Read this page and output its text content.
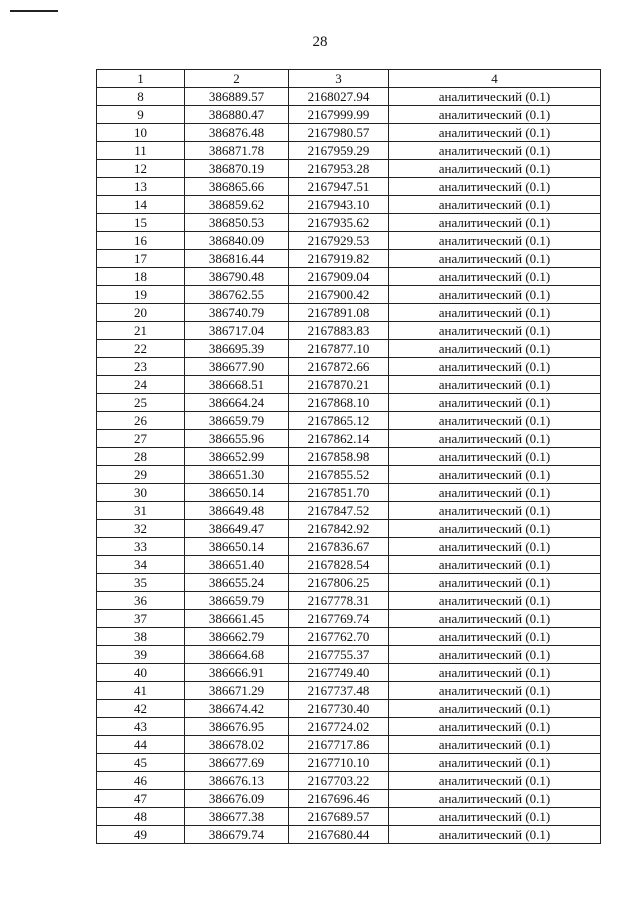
28
1	2	3	4
8	386889.57	2168027.94	аналитический (0.1)
9	386880.47	2167999.99	аналитический (0.1)
10	386876.48	2167980.57	аналитический (0.1)
11	386871.78	2167959.29	аналитический (0.1)
12	386870.19	2167953.28	аналитический (0.1)
13	386865.66	2167947.51	аналитический (0.1)
14	386859.62	2167943.10	аналитический (0.1)
15	386850.53	2167935.62	аналитический (0.1)
16	386840.09	2167929.53	аналитический (0.1)
17	386816.44	2167919.82	аналитический (0.1)
18	386790.48	2167909.04	аналитический (0.1)
19	386762.55	2167900.42	аналитический (0.1)
20	386740.79	2167891.08	аналитический (0.1)
21	386717.04	2167883.83	аналитический (0.1)
22	386695.39	2167877.10	аналитический (0.1)
23	386677.90	2167872.66	аналитический (0.1)
24	386668.51	2167870.21	аналитический (0.1)
25	386664.24	2167868.10	аналитический (0.1)
26	386659.79	2167865.12	аналитический (0.1)
27	386655.96	2167862.14	аналитический (0.1)
28	386652.99	2167858.98	аналитический (0.1)
29	386651.30	2167855.52	аналитический (0.1)
30	386650.14	2167851.70	аналитический (0.1)
31	386649.48	2167847.52	аналитический (0.1)
32	386649.47	2167842.92	аналитический (0.1)
33	386650.14	2167836.67	аналитический (0.1)
34	386651.40	2167828.54	аналитический (0.1)
35	386655.24	2167806.25	аналитический (0.1)
36	386659.79	2167778.31	аналитический (0.1)
37	386661.45	2167769.74	аналитический (0.1)
38	386662.79	2167762.70	аналитический (0.1)
39	386664.68	2167755.37	аналитический (0.1)
40	386666.91	2167749.40	аналитический (0.1)
41	386671.29	2167737.48	аналитический (0.1)
42	386674.42	2167730.40	аналитический (0.1)
43	386676.95	2167724.02	аналитический (0.1)
44	386678.02	2167717.86	аналитический (0.1)
45	386677.69	2167710.10	аналитический (0.1)
46	386676.13	2167703.22	аналитический (0.1)
47	386676.09	2167696.46	аналитический (0.1)
48	386677.38	2167689.57	аналитический (0.1)
49	386679.74	2167680.44	аналитический (0.1)
